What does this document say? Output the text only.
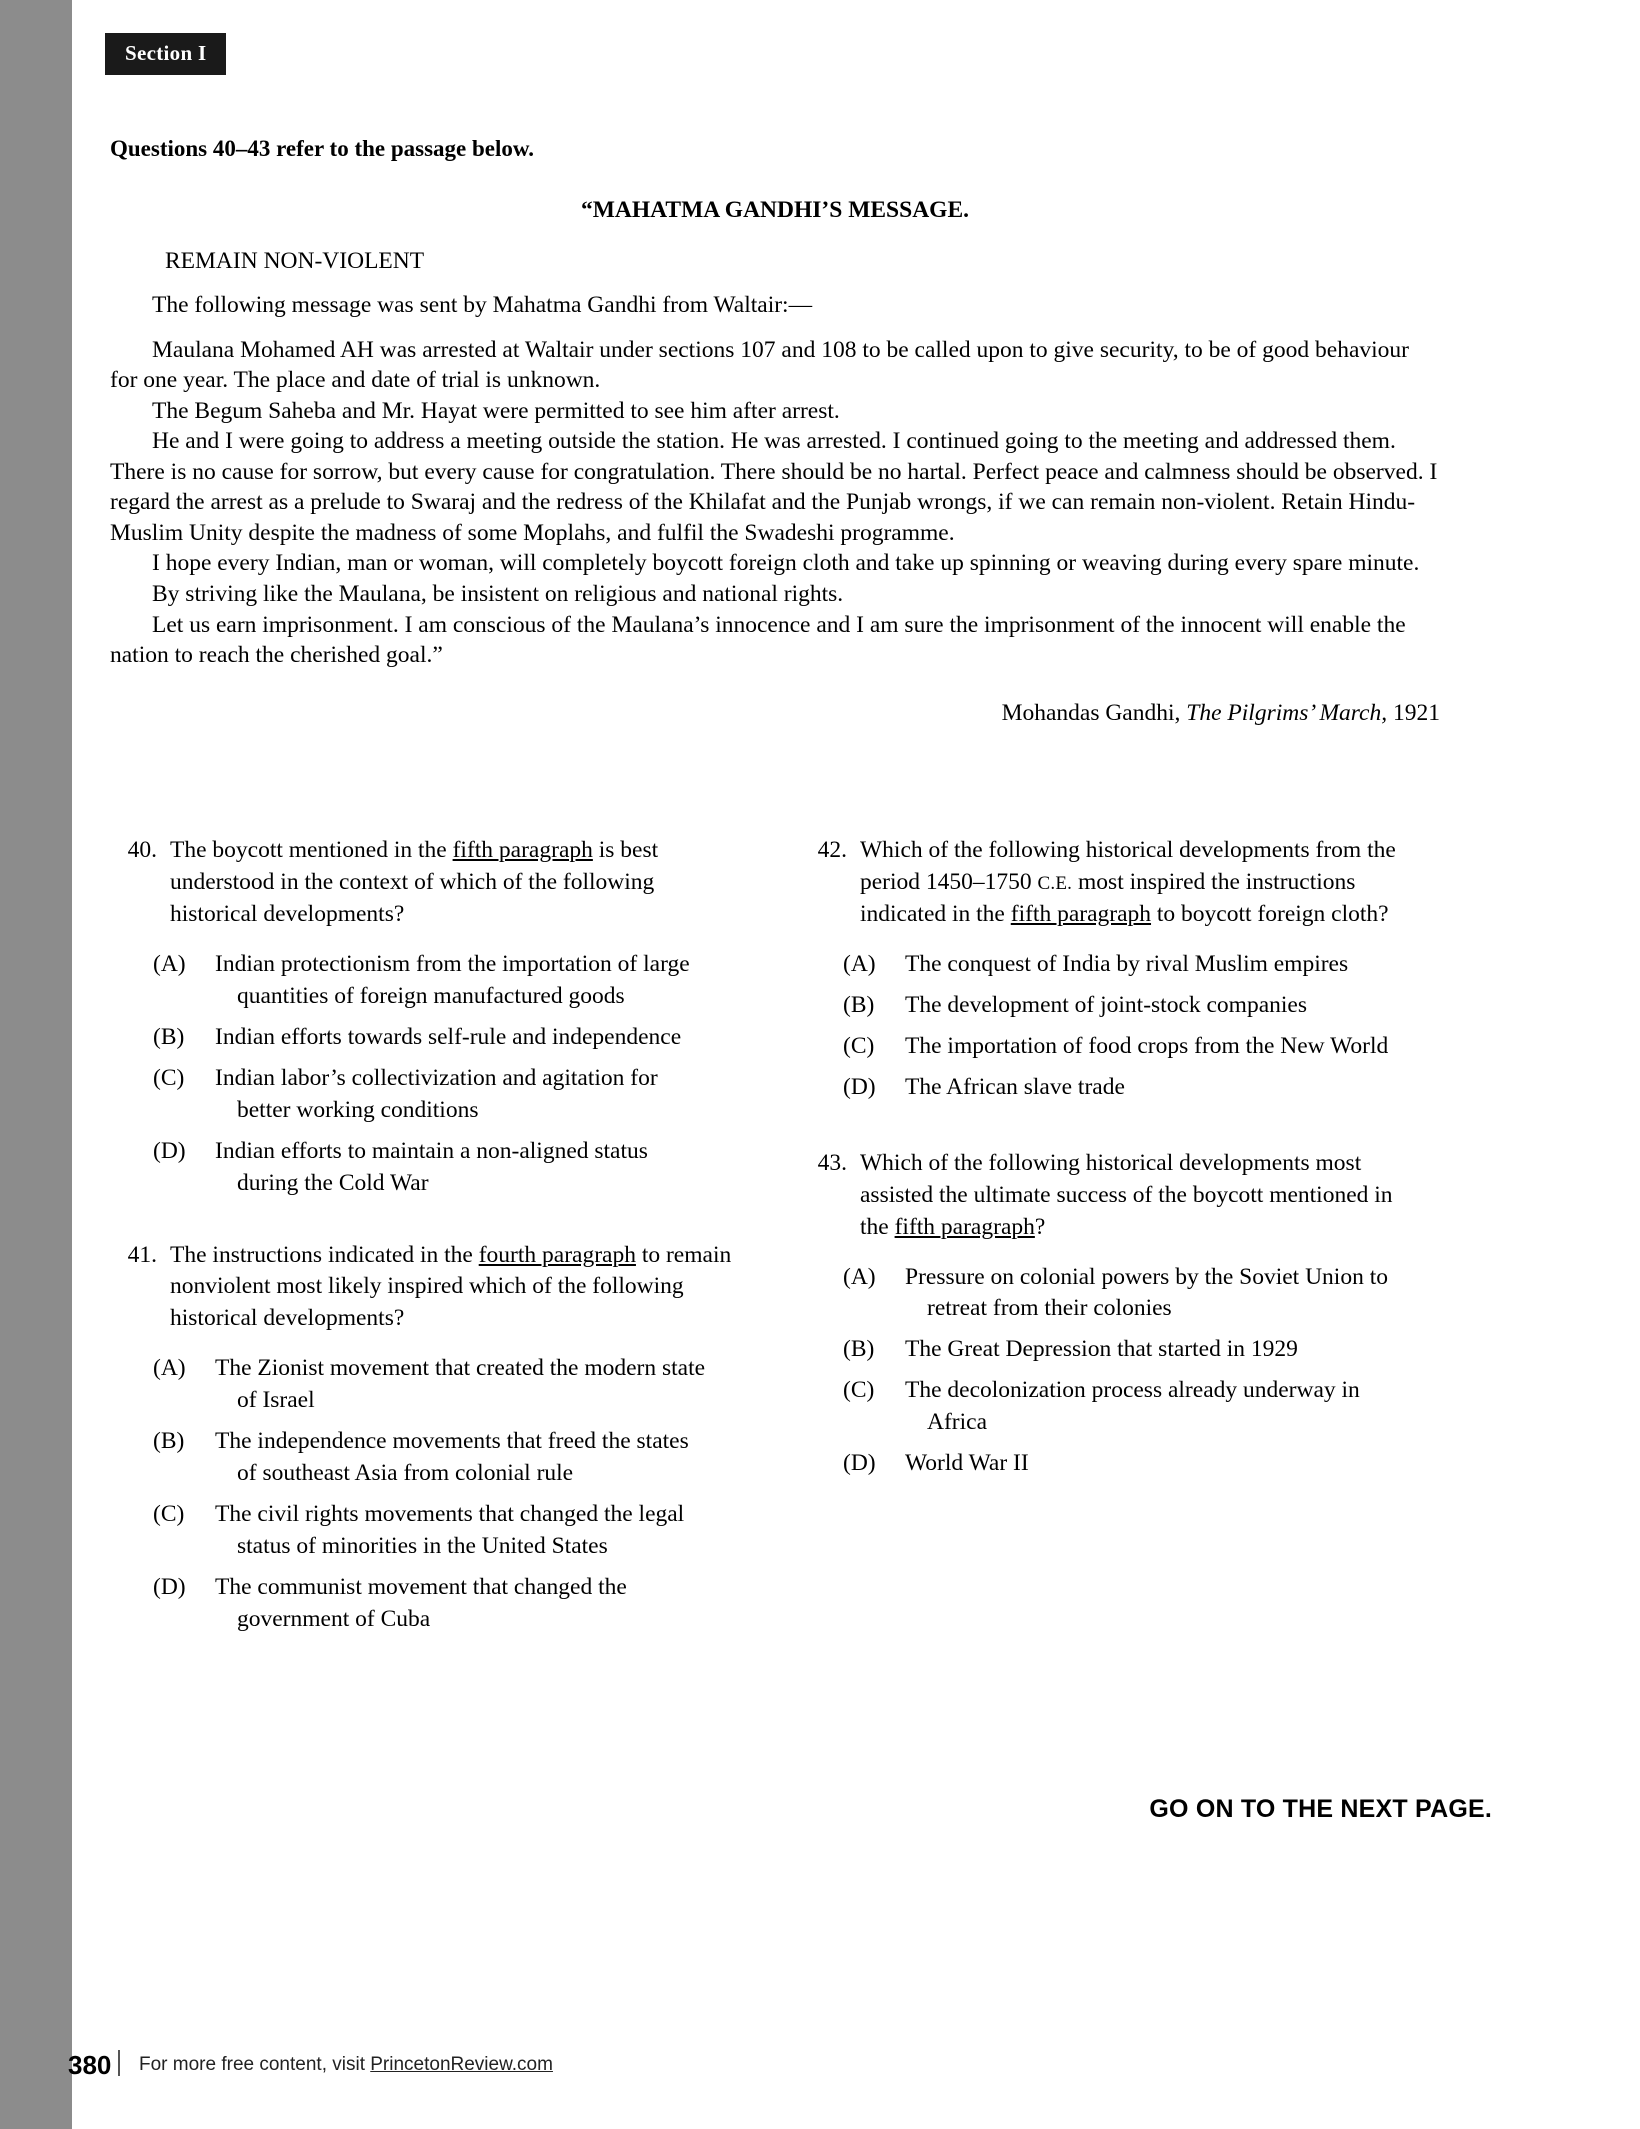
Section I
Questions 40–43 refer to the passage below.
“MAHATMA GANDHI’S MESSAGE.
REMAIN NON-VIOLENT

The following message was sent by Mahatma Gandhi from Waltair:—

Maulana Mohamed AH was arrested at Waltair under sections 107 and 108 to be called upon to give security, to be of good behaviour for one year. The place and date of trial is unknown.

The Begum Saheba and Mr. Hayat were permitted to see him after arrest.

He and I were going to address a meeting outside the station. He was arrested. I continued going to the meeting and addressed them. There is no cause for sorrow, but every cause for congratulation. There should be no hartal. Perfect peace and calmness should be observed. I regard the arrest as a prelude to Swaraj and the redress of the Khilafat and the Punjab wrongs, if we can remain non-violent. Retain Hindu-Muslim Unity despite the madness of some Moplahs, and fulfil the Swadeshi programme.

I hope every Indian, man or woman, will completely boycott foreign cloth and take up spinning or weaving during every spare minute.

By striving like the Maulana, be insistent on religious and national rights.

Let us earn imprisonment. I am conscious of the Maulana’s innocence and I am sure the imprisonment of the innocent will enable the nation to reach the cherished goal.”

Mohandas Gandhi, The Pilgrims’ March, 1921
40. The boycott mentioned in the fifth paragraph is best understood in the context of which of the following historical developments?
(A)	Indian protectionism from the importation of large
quantities of foreign manufactured goods
(B)	Indian efforts towards self-rule and independence
(C)	Indian labor’s collectivization and agitation for
better working conditions
(D)	Indian efforts to maintain a non-aligned status
during the Cold War
41. The instructions indicated in the fourth paragraph to remain nonviolent most likely inspired which of the following historical developments?
(A)	The Zionist movement that created the modern state
of Israel
(B)	The independence movements that freed the states
of southeast Asia from colonial rule
(C)	The civil rights movements that changed the legal
status of minorities in the United States
(D)	The communist movement that changed the
government of Cuba
42. Which of the following historical developments from the period 1450–1750 C.E. most inspired the instructions indicated in the fifth paragraph to boycott foreign cloth?
(A)	The conquest of India by rival Muslim empires
(B)	The development of joint-stock companies
(C)	The importation of food crops from the New World
(D)	The African slave trade
43. Which of the following historical developments most assisted the ultimate success of the boycott mentioned in the fifth paragraph?
(A)	Pressure on colonial powers by the Soviet Union to
retreat from their colonies
(B)	The Great Depression that started in 1929
(C)	The decolonization process already underway in
Africa
(D)	World War II
GO ON TO THE NEXT PAGE.
380 For more free content, visit PrincetonReview.com
